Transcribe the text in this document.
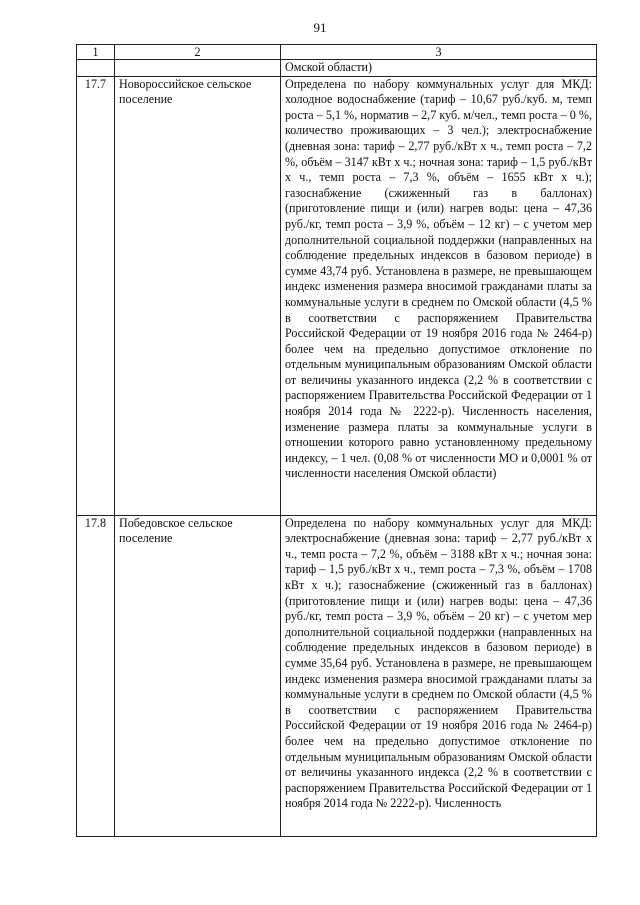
91
1	2	3
		Омской области)
17.7	Новороссийское сельское поселение	Определена по набору коммунальных услуг для МКД: холодное водоснабжение (тариф – 10,67 руб./куб. м, темп роста – 5,1 %, норматив – 2,7 куб. м/чел., темп роста – 0 %, количество проживающих – 3 чел.); электроснабжение (дневная зона: тариф – 2,77 руб./кВт х ч., темп роста – 7,2 %, объём – 3147 кВт х ч.; ночная зона: тариф – 1,5 руб./кВт х ч., темп роста – 7,3 %, объём – 1655 кВт х ч.); газоснабжение (сжиженный газ в баллонах) (приготовление пищи и (или) нагрев воды: цена – 47,36 руб./кг, темп роста – 3,9 %, объём – 12 кг) – с учетом мер дополнительной социальной поддержки (направленных на соблюдение предельных индексов в базовом периоде) в сумме 43,74 руб. Установлена в размере, не превышающем индекс изменения размера вносимой гражданами платы за коммунальные услуги в среднем по Омской области (4,5 % в соответствии с распоряжением Правительства Российской Федерации от 19 ноября 2016 года № 2464-р) более чем на предельно допустимое отклонение по отдельным муниципальным образованиям Омской области от величины указанного индекса (2,2 % в соответствии с распоряжением Правительства Российской Федерации от 1 ноября 2014 года № 2222-р). Численность населения, изменение размера платы за коммунальные услуги в отношении которого равно установленному предельному индексу, – 1 чел. (0,08 % от численности МО и 0,0001 % от численности населения Омской области)
17.8	Победовское сельское поселение	Определена по набору коммунальных услуг для МКД: электроснабжение (дневная зона: тариф – 2,77 руб./кВт х ч., темп роста – 7,2 %, объём – 3188 кВт х ч.; ночная зона: тариф – 1,5 руб./кВт х ч., темп роста – 7,3 %, объём – 1708 кВт х ч.); газоснабжение (сжиженный газ в баллонах) (приготовление пищи и (или) нагрев воды: цена – 47,36 руб./кг, темп роста – 3,9 %, объём – 20 кг) – с учетом мер дополнительной социальной поддержки (направленных на соблюдение предельных индексов в базовом периоде) в сумме 35,64 руб. Установлена в размере, не превышающем индекс изменения размера вносимой гражданами платы за коммунальные услуги в среднем по Омской области (4,5 % в соответствии с распоряжением Правительства Российской Федерации от 19 ноября 2016 года № 2464-р) более чем на предельно допустимое отклонение по отдельным муниципальным образованиям Омской области от величины указанного индекса (2,2 % в соответствии с распоряжением Правительства Российской Федерации от 1 ноября 2014 года № 2222-р). Численность
